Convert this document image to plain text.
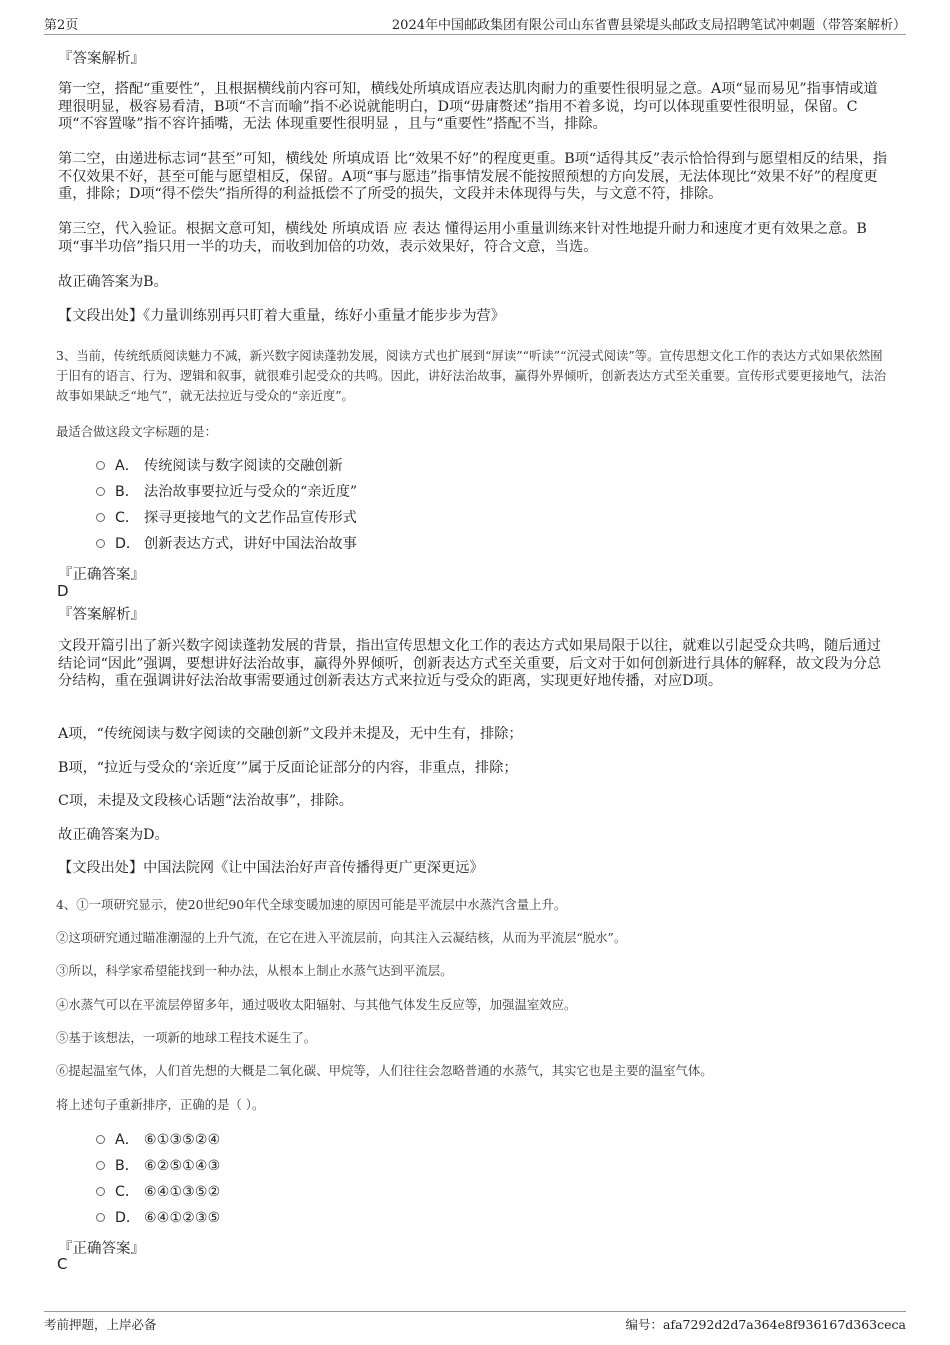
第2页	2024年中国邮政集团有限公司山东省曹县梁堤头邮政支局招聘笔试冲刺题（带答案解析）
『答案解析』

第一空，搭配“重要性”，且根据横线前内容可知，横线处所填成语应表达肌肉耐力的重要性很明显之意。A项“显而易见”指事情或道理很明显，极容易看清，B项“不言而喻”指不必说就能明白，D项“毋庸赘述”指用不着多说，均可以体现重要性很明显，保留。C项“不容置喙”指不容许插嘴，无法 体现重要性很明显 ，且与“重要性”搭配不当，排除。

第二空，由递进标志词“甚至”可知，横线处 所填成语 比“效果不好”的程度更重。B项“适得其反”表示恰恰得到与愿望相反的结果，指不仅效果不好，甚至可能与愿望相反，保留。A项“事与愿违”指事情发展不能按照预想的方向发展，无法体现比“效果不好”的程度更重，排除；D项“得不偿失”指所得的利益抵偿不了所受的损失，文段并未体现得与失，与文意不符，排除。

第三空，代入验证。根据文意可知，横线处 所填成语 应 表达 懂得运用小重量训练来针对性地提升耐力和速度才更有效果之意。B项“事半功倍”指只用一半的功夫，而收到加倍的功效，表示效果好，符合文意，当选。

故正确答案为B。

【文段出处】《力量训练别再只盯着大重量，练好小重量才能步步为营》

3、当前，传统纸质阅读魅力不减，新兴数字阅读蓬勃发展，阅读方式也扩展到“屏读”“听读”“沉浸式阅读”等。宣传思想文化工作的表达方式如果依然囿于旧有的语言、行为、逻辑和叙事，就很难引起受众的共鸣。因此，讲好法治故事，赢得外界倾听，创新表达方式至关重要。宣传形式要更接地气，法治故事如果缺乏“地气”，就无法拉近与受众的“亲近度”。

最适合做这段文字标题的是：

A． 传统阅读与数字阅读的交融创新
B． 法治故事要拉近与受众的“亲近度”
C． 探寻更接地气的文艺作品宣传形式
D． 创新表达方式，讲好中国法治故事
『正确答案』
D
『答案解析』

文段开篇引出了新兴数字阅读蓬勃发展的背景，指出宣传思想文化工作的表达方式如果局限于以往，就难以引起受众共鸣，随后通过结论词“因此”强调，要想讲好法治故事，赢得外界倾听，创新表达方式至关重要，后文对于如何创新进行具体的解释，故文段为分总分结构，重在强调讲好法治故事需要通过创新表达方式来拉近与受众的距离，实现更好地传播，对应D项。

A项，“传统阅读与数字阅读的交融创新”文段并未提及，无中生有，排除；

B项，“拉近与受众的‘亲近度’”属于反面论证部分的内容，非重点，排除；

C项，未提及文段核心话题“法治故事”，排除。

故正确答案为D。

【文段出处】中国法院网《让中国法治好声音传播得更广更深更远》

4、①一项研究显示，使20世纪90年代全球变暖加速的原因可能是平流层中水蒸汽含量上升。

②这项研究通过瞄准潮湿的上升气流，在它在进入平流层前，向其注入云凝结核，从而为平流层“脱水”。

③所以，科学家希望能找到一种办法，从根本上制止水蒸气达到平流层。

④水蒸气可以在平流层停留多年，通过吸收太阳辐射、与其他气体发生反应等，加强温室效应。

⑤基于该想法，一项新的地球工程技术诞生了。

⑥提起温室气体，人们首先想的大概是二氧化碳、甲烷等，人们往往会忽略普通的水蒸气，其实它也是主要的温室气体。

将上述句子重新排序，正确的是（ ）。

A． ⑥①③⑤②④
B． ⑥②⑤①④③
C． ⑥④①③⑤②
D． ⑥④①②③⑤
『正确答案』
C
考前押题，上岸必备	编号：afa7292d2d7a364e8f936167d363ceca
